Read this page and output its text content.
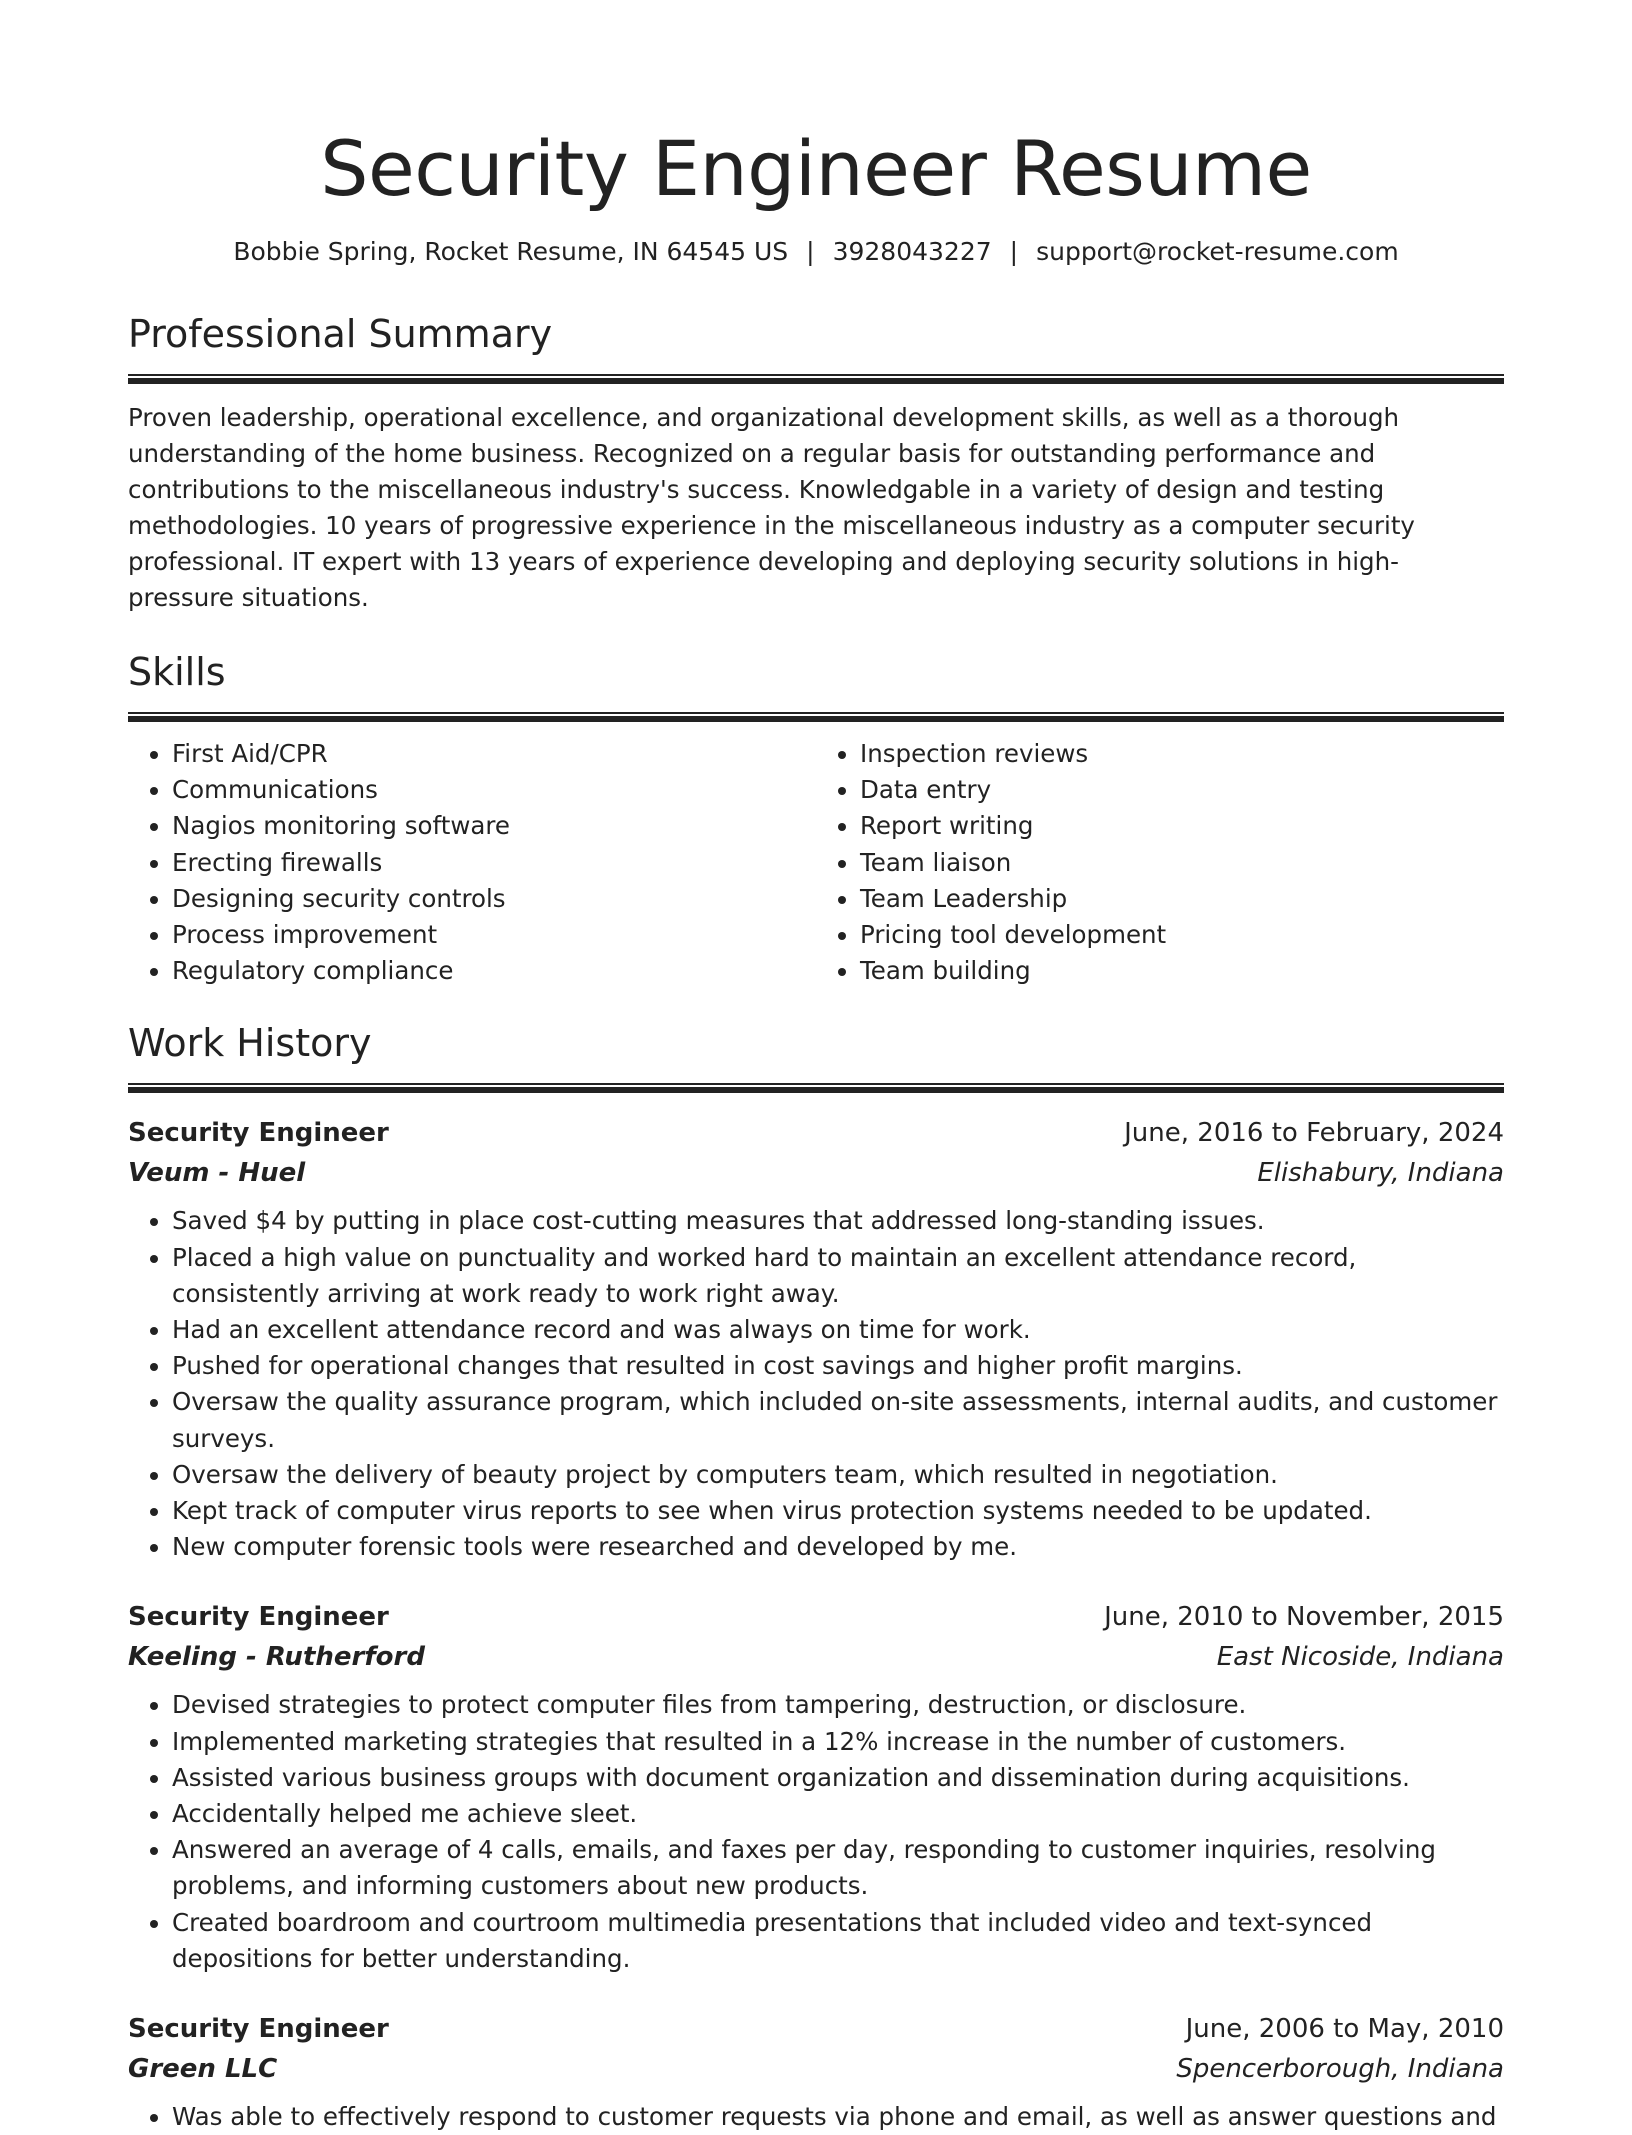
Security Engineer Resume
Bobbie Spring, Rocket Resume, IN 64545 US | 3928043227 | support@rocket-resume.com
Professional Summary

Proven leadership, operational excellence, and organizational development skills, as well as a thorough understanding of the home business. Recognized on a regular basis for outstanding performance and contributions to the miscellaneous industry's success. Knowledgable in a variety of design and testing methodologies. 10 years of progressive experience in the miscellaneous industry as a computer security professional. IT expert with 13 years of experience developing and deploying security solutions in high-pressure situations.

Skills
• First Aid/CPR
• Communications
• Nagios monitoring software
• Erecting firewalls
• Designing security controls
• Process improvement
• Regulatory compliance
• Inspection reviews
• Data entry
• Report writing
• Team liaison
• Team Leadership
• Pricing tool development
• Team building
Work History
Security Engineer	June, 2016 to February, 2024
Veum - Huel	Elishabury, Indiana
• Saved $4 by putting in place cost-cutting measures that addressed long-standing issues.
• Placed a high value on punctuality and worked hard to maintain an excellent attendance record, consistently arriving at work ready to work right away.
• Had an excellent attendance record and was always on time for work.
• Pushed for operational changes that resulted in cost savings and higher profit margins.
• Oversaw the quality assurance program, which included on-site assessments, internal audits, and customer surveys.
• Oversaw the delivery of beauty project by computers team, which resulted in negotiation.
• Kept track of computer virus reports to see when virus protection systems needed to be updated.
• New computer forensic tools were researched and developed by me.
Security Engineer	June, 2010 to November, 2015
Keeling - Rutherford	East Nicoside, Indiana
• Devised strategies to protect computer files from tampering, destruction, or disclosure.
• Implemented marketing strategies that resulted in a 12% increase in the number of customers.
• Assisted various business groups with document organization and dissemination during acquisitions.
• Accidentally helped me achieve sleet.
• Answered an average of 4 calls, emails, and faxes per day, responding to customer inquiries, resolving problems, and informing customers about new products.
• Created boardroom and courtroom multimedia presentations that included video and text-synced depositions for better understanding.
Security Engineer	June, 2006 to May, 2010
Green LLC	Spencerborough, Indiana
• Was able to effectively respond to customer requests via phone and email, as well as answer questions and
